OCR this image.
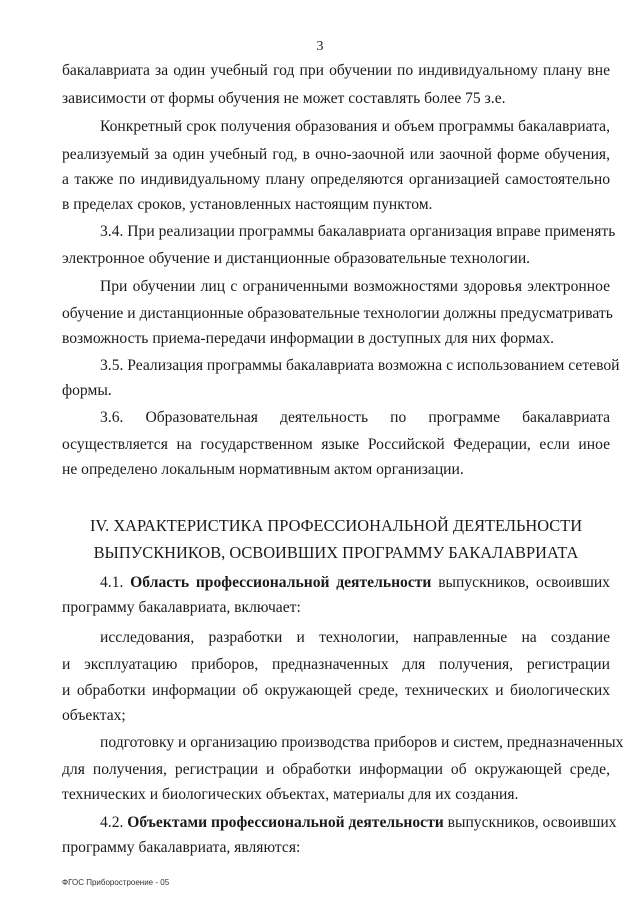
3
бакалавриата за один учебный год при обучении по индивидуальному плану вне
зависимости от формы обучения не может составлять более 75 з.е.
Конкретный срок получения образования и объем программы бакалавриата,
реализуемый за один учебный год, в очно-заочной или заочной форме обучения,
а также по индивидуальному плану определяются организацией самостоятельно
в пределах сроков, установленных настоящим пунктом.
3.4. При реализации программы бакалавриата организация вправе применять
электронное обучение и дистанционные образовательные технологии.
При обучении лиц с ограниченными возможностями здоровья электронное
обучение и дистанционные образовательные технологии должны предусматривать
возможность приема-передачи информации в доступных для них формах.
3.5. Реализация программы бакалавриата возможна с использованием сетевой
формы.
3.6. Образовательная деятельность по программе бакалавриата
осуществляется на государственном языке Российской Федерации, если иное
не определено локальным нормативным актом организации.
IV. ХАРАКТЕРИСТИКА ПРОФЕССИОНАЛЬНОЙ ДЕЯТЕЛЬНОСТИ
ВЫПУСКНИКОВ, ОСВОИВШИХ ПРОГРАММУ БАКАЛАВРИАТА
4.1. Область профессиональной деятельности выпускников, освоивших
программу бакалавриата, включает:
исследования, разработки и технологии, направленные на создание
и эксплуатацию приборов, предназначенных для получения, регистрации
и обработки информации об окружающей среде, технических и биологических
объектах;
подготовку и организацию производства приборов и систем, предназначенных
для получения, регистрации и обработки информации об окружающей среде,
технических и биологических объектах, материалы для их создания.
4.2. Объектами профессиональной деятельности выпускников, освоивших
программу бакалавриата, являются:
ФГОС Приборостроение - 05
